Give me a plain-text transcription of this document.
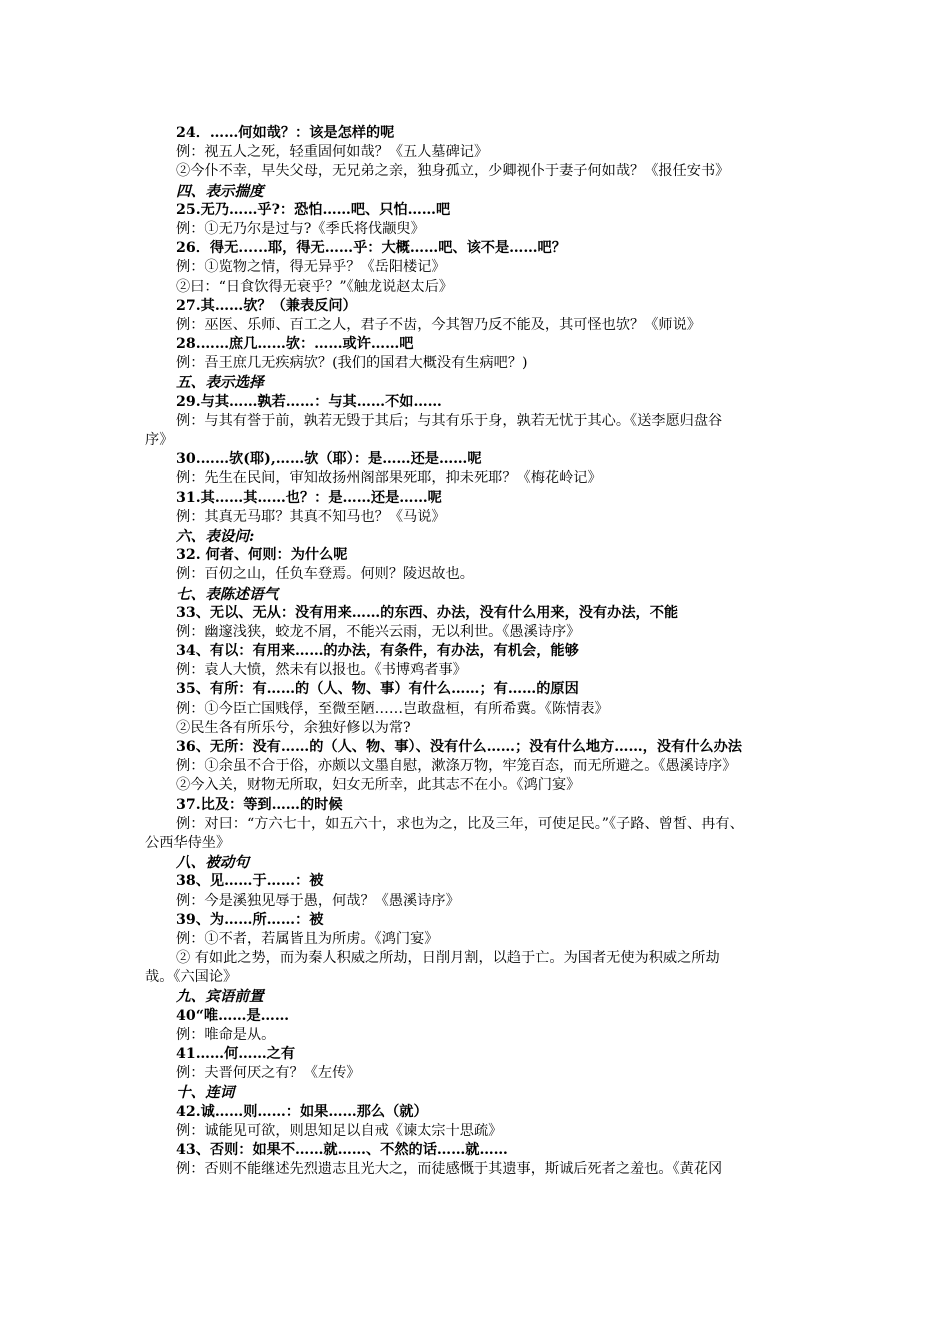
24．……何如哉？：该是怎样的呢
例：视五人之死，轻重固何如哉？《五人墓碑记》
②今仆不幸，早失父母，无兄弟之亲，独身孤立，少卿视仆于妻子何如哉？《报任安书》
四、表示揣度
25.无乃……乎?：恐怕……吧、只怕……吧
例：①无乃尔是过与?《季氏将伐颛臾》
26．得无......耶，得无……乎：大概……吧、该不是……吧？
例：①览物之情，得无异乎？《岳阳楼记》
②曰：“日食饮得无衰乎？”《触龙说赵太后》
27.其……欤？（兼表反问）
例：巫医、乐师、百工之人，君子不齿，今其智乃反不能及，其可怪也欤？《师说》
28.……庶几……欤：……或许……吧
例：吾王庶几无疾病欤？(我们的国君大概没有生病吧？)
五、表示选择
29.与其……孰若……：与其……不如……
例：与其有誉于前，孰若无毁于其后；与其有乐于身，孰若无忧于其心。《送李愿归盘谷
序》
30.……欤(耶),……欤（耶）：是……还是……呢
例：先生在民间，审知故扬州阁部果死耶，抑未死耶？《梅花岭记》
31.其……其……也？：是……还是……呢
例：其真无马耶？其真不知马也？《马说》
六、表设问:
32. 何者、何则：为什么呢
例：百仞之山，任负车登焉。何则？陵迟故也。
七、表陈述语气
33、无以、无从：没有用来……的东西、办法，没有什么用来，没有办法，不能
例：幽邃浅狭，蛟龙不屑，不能兴云雨，无以利世。《愚溪诗序》
34、有以：有用来……的办法，有条件，有办法，有机会，能够
例：袁人大愤，然未有以报也。《书博鸡者事》
35、有所：有……的（人、物、事）有什么……；有……的原因
例：①今臣亡国贱俘，至微至陋……岂敢盘桓，有所希冀。《陈情表》
②民生各有所乐兮，余独好修以为常?
36、无所：没有……的（人、物、事）、没有什么……；没有什么地方……，没有什么办法
例：①余虽不合于俗，亦颇以文墨自慰，漱涤万物，牢笼百态，而无所避之。《愚溪诗序》
②今入关，财物无所取，妇女无所幸，此其志不在小。《鸿门宴》
37.比及：等到……的时候
例：对曰：“方六七十，如五六十，求也为之，比及三年，可使足民。”《子路、曾皙、冉有、
公西华侍坐》
八、被动句
38、见……于……：被
例：今是溪独见辱于愚，何哉？《愚溪诗序》
39、为……所……：被
例：①不者，若属皆且为所虏。《鸿门宴》
② 有如此之势，而为秦人积威之所劫，日削月割，以趋于亡。为国者无使为积威之所劫
哉。《六国论》
九、宾语前置
40“唯……是……
例：唯命是从。
41……何……之有
例：夫晋何厌之有？《左传》
十、连词
42.诚……则……：如果……那么（就）
例：诚能见可欲，则思知足以自戒《谏太宗十思疏》
43、否则：如果不……就……、不然的话……就……
例：否则不能继述先烈遗志且光大之，而徒感慨于其遗事，斯诚后死者之羞也。《黄花冈
